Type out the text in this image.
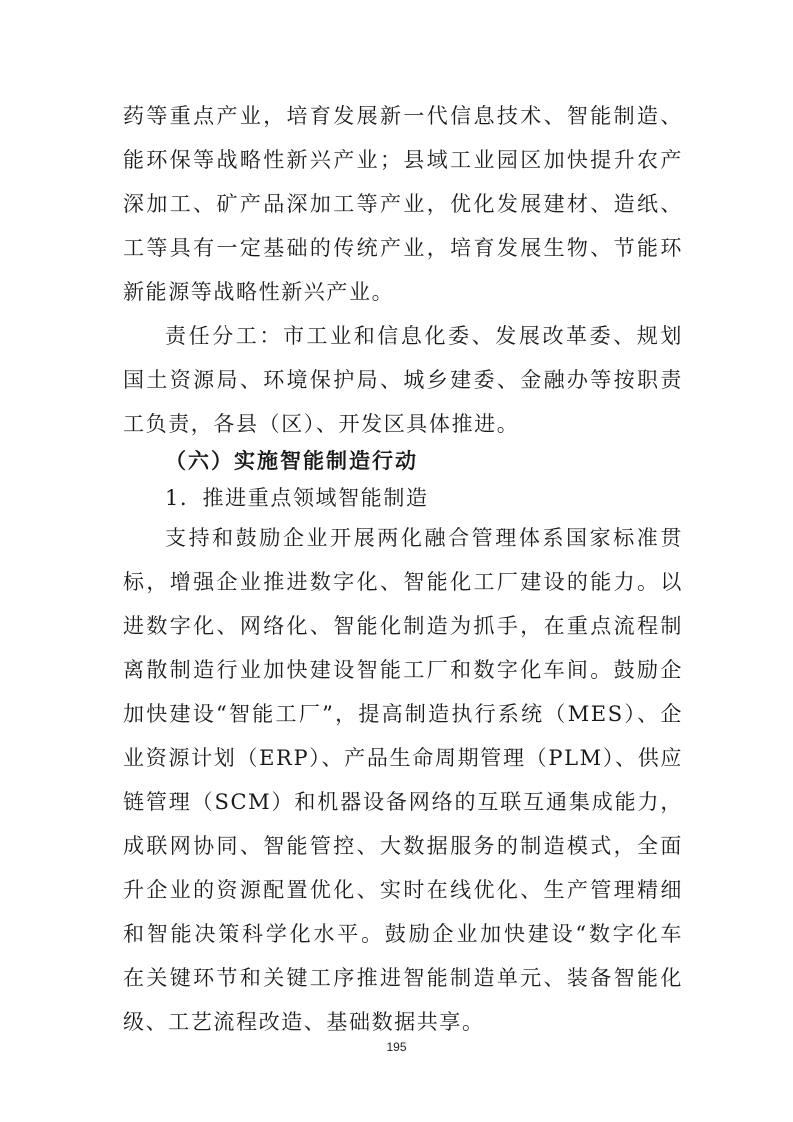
药等重点产业，培育发展新一代信息技术、智能制造、
能环保等战略性新兴产业；县域工业园区加快提升农产
深加工、矿产品深加工等产业，优化发展建材、造纸、
工等具有一定基础的传统产业，培育发展生物、节能环
新能源等战略性新兴产业。
责任分工：市工业和信息化委、发展改革委、规划
国土资源局、环境保护局、城乡建委、金融办等按职责
工负责，各县（区）、开发区具体推进。
（六）实施智能制造行动
1．推进重点领域智能制造
支持和鼓励企业开展两化融合管理体系国家标准贯
标，增强企业推进数字化、智能化工厂建设的能力。以
进数字化、网络化、智能化制造为抓手，在重点流程制
离散制造行业加快建设智能工厂和数字化车间。鼓励企
加快建设“智能工厂”，提高制造执行系统（MES）、企
业资源计划（ERP）、产品生命周期管理（PLM）、供应
链管理（SCM）和机器设备网络的互联互通集成能力，
成联网协同、智能管控、大数据服务的制造模式，全面
升企业的资源配置优化、实时在线优化、生产管理精细
和智能决策科学化水平。鼓励企业加快建设“数字化车
在关键环节和关键工序推进智能制造单元、装备智能化
级、工艺流程改造、基础数据共享。
195
